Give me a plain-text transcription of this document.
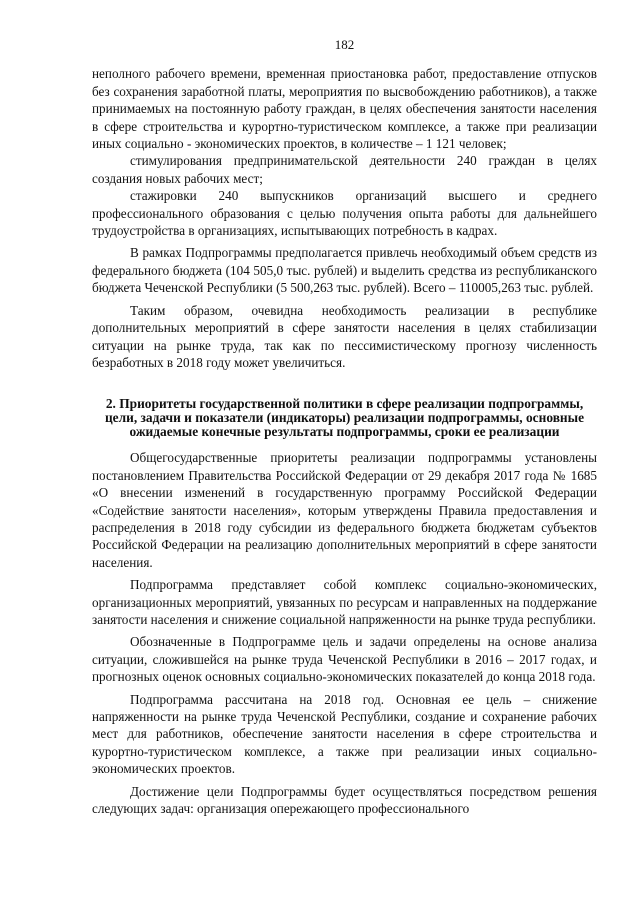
182

неполного рабочего времени, временная приостановка работ, предоставление отпусков без сохранения заработной платы, мероприятия по высвобождению работников), а также принимаемых на постоянную работу граждан, в целях обеспечения занятости населения в сфере строительства и курортно-туристическом комплексе, а также при реализации иных социально - экономических проектов, в количестве – 1 121 человек;

стимулирования предпринимательской деятельности 240 граждан в целях создания новых рабочих мест;

стажировки 240 выпускников организаций высшего и среднего профессионального образования с целью получения опыта работы для дальнейшего трудоустройства в организациях, испытывающих потребность в кадрах.

В рамках Подпрограммы предполагается привлечь необходимый объем средств из федерального бюджета (104 505,0 тыс. рублей) и выделить средства из республиканского бюджета Чеченской Республики (5 500,263 тыс. рублей). Всего – 110005,263 тыс. рублей.

Таким образом, очевидна необходимость реализации в республике дополнительных мероприятий в сфере занятости населения в целях стабилизации ситуации на рынке труда, так как по пессимистическому прогнозу численность безработных в 2018 году может увеличиться.

2. Приоритеты государственной политики в сфере реализации подпрограммы, цели, задачи и показатели (индикаторы) реализации подпрограммы, основные ожидаемые конечные результаты подпрограммы, сроки ее реализации

Общегосударственные приоритеты реализации подпрограммы установлены постановлением Правительства Российской Федерации от 29 декабря 2017 года № 1685 «О внесении изменений в государственную программу Российской Федерации «Содействие занятости населения», которым утверждены Правила предоставления и распределения в 2018 году субсидии из федерального бюджета бюджетам субъектов Российской Федерации на реализацию дополнительных мероприятий в сфере занятости населения.

Подпрограмма представляет собой комплекс социально-экономических, организационных мероприятий, увязанных по ресурсам и направленных на поддержание занятости населения и снижение социальной напряженности на рынке труда республики.

Обозначенные в Подпрограмме цель и задачи определены на основе анализа ситуации, сложившейся на рынке труда Чеченской Республики в 2016 – 2017 годах, и прогнозных оценок основных социально-экономических показателей до конца 2018 года.

Подпрограмма рассчитана на 2018 год. Основная ее цель – снижение напряженности на рынке труда Чеченской Республики, создание и сохранение рабочих мест для работников, обеспечение занятости населения в сфере строительства и курортно-туристическом комплексе, а также при реализации иных социально-экономических проектов.

Достижение цели Подпрограммы будет осуществляться посредством решения следующих задач: организация опережающего профессионального
